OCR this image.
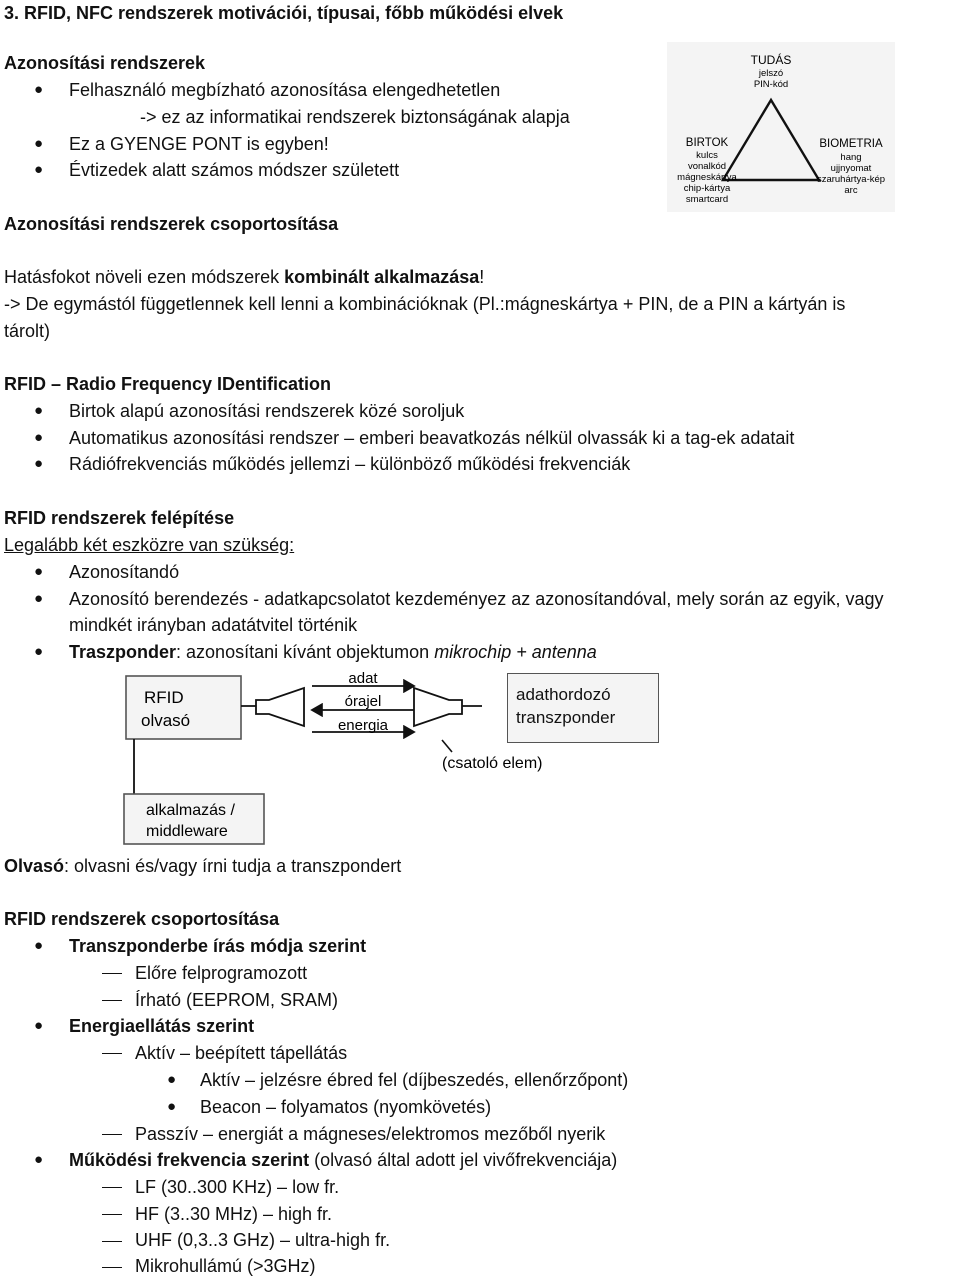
3. RFID, NFC rendszerek motivációi, típusai, főbb működési elvek
Azonosítási rendszerek
● Felhasználó megbízható azonosítása elengedhetetlen
-> ez az informatikai rendszerek biztonságának alapja
● Ez a GYENGE PONT is egyben!
● Évtizedek alatt számos módszer született
Azonosítási rendszerek csoportosítása
TUDÁS
jelszó
PIN-kód
BIRTOK
kulcs
vonalkód
mágneskártya
chip-kártya
smartcard
BIOMETRIA
hang
ujjnyomat
szaruhártya-kép
arc
Hatásfokot növeli ezen módszerek kombinált alkalmazása!
-> De egymástól függetlennek kell lenni a kombinációknak (Pl.:mágneskártya + PIN, de a PIN a kártyán is
tárolt)
RFID – Radio Frequency IDentification
● Birtok alapú azonosítási rendszerek közé soroljuk
● Automatikus azonosítási rendszer – emberi beavatkozás nélkül olvassák ki a tag-ek adatait
● Rádiófrekvenciás működés jellemzi – különböző működési frekvenciák
RFID rendszerek felépítése
Legalább két eszközre van szükség:
● Azonosítandó
● Azonosító berendezés - adatkapcsolatot kezdeményez az azonosítandóval, mely során az egyik, vagy
mindkét irányban adatátvitel történik
● Traszponder: azonosítani kívánt objektumon mikrochip + antenna
RFID
olvasó
adat
órajel
energia
(csatoló elem)
alkalmazás /
middleware
adathordozó
transzponder
Olvasó: olvasni és/vagy írni tudja a transzpondert
RFID rendszerek csoportosítása
● Transzponderbe írás módja szerint
Előre felprogramozott
Írható (EEPROM, SRAM)
● Energiaellátás szerint
Aktív – beépített tápellátás
● Aktív – jelzésre ébred fel (díjbeszedés, ellenőrzőpont)
● Beacon – folyamatos (nyomkövetés)
Passzív – energiát a mágneses/elektromos mezőből nyerik
● Működési frekvencia szerint (olvasó által adott jel vivőfrekvenciája)
LF (30..300 KHz) – low fr.
HF (3..30 MHz) – high fr.
UHF (0,3..3 GHz) – ultra-high fr.
Mikrohullámú (>3GHz)
